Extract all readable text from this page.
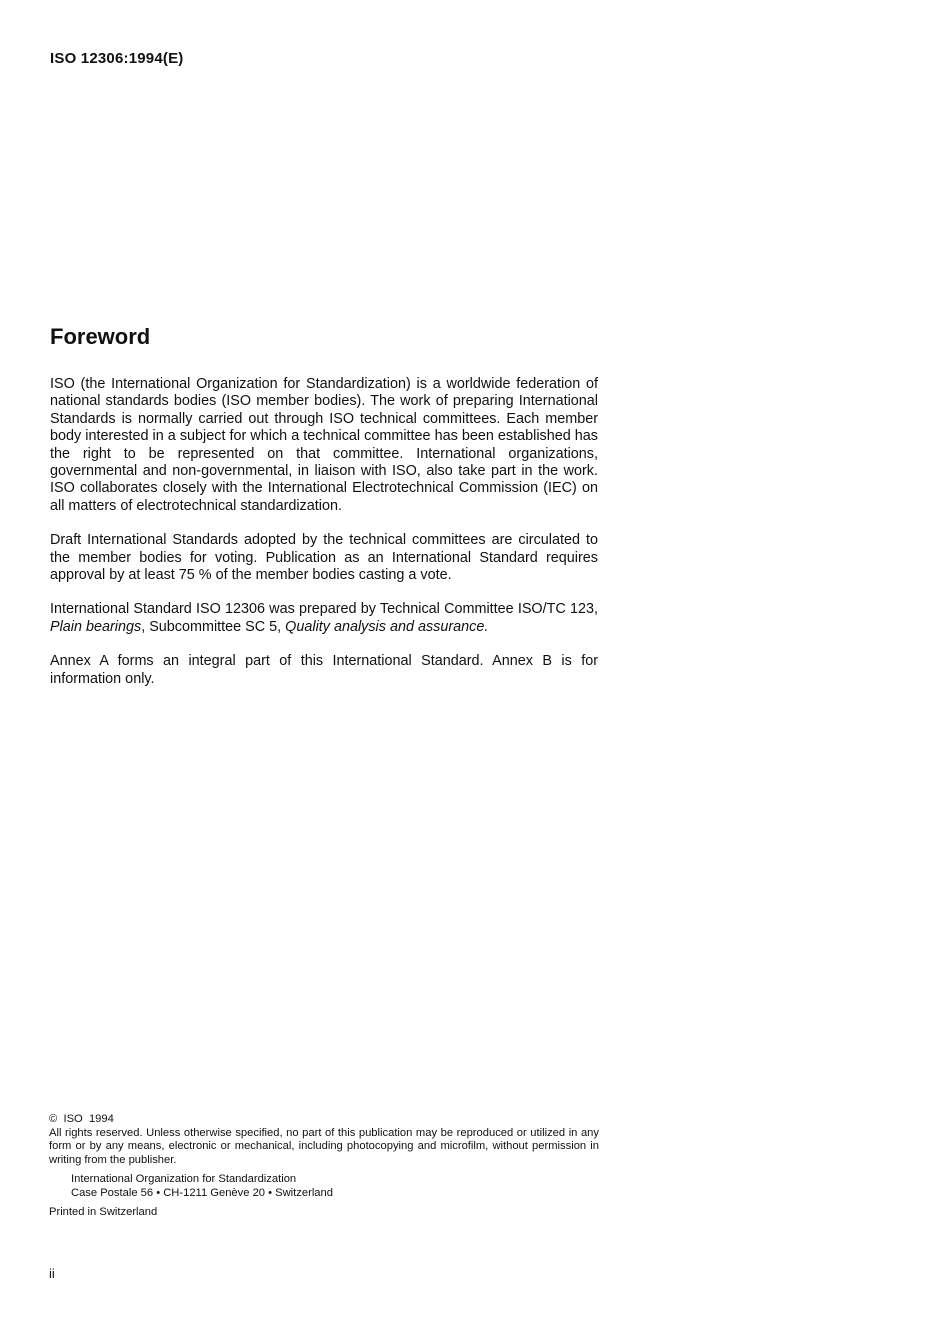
ISO 12306:1994(E)
Foreword

ISO (the International Organization for Standardization) is a worldwide federation of national standards bodies (ISO member bodies). The work of preparing International Standards is normally carried out through ISO technical committees. Each member body interested in a subject for which a technical committee has been established has the right to be represented on that committee. International organizations, governmental and non-governmental, in liaison with ISO, also take part in the work. ISO collaborates closely with the International Electrotechnical Commission (IEC) on all matters of electrotechnical standardization.

Draft International Standards adopted by the technical committees are circulated to the member bodies for voting. Publication as an International Standard requires approval by at least 75 % of the member bodies casting a vote.

International Standard ISO 12306 was prepared by Technical Committee ISO/TC 123, Plain bearings, Subcommittee SC 5, Quality analysis and assurance.

Annex A forms an integral part of this International Standard. Annex B is for information only.

©  ISO  1994

All rights reserved. Unless otherwise specified, no part of this publication may be reproduced or utilized in any form or by any means, electronic or mechanical, including photocopying and microfilm, without permission in writing from the publisher.

International Organization for Standardization
Case Postale 56 • CH-1211 Genève 20 • Switzerland
Printed in Switzerland
ii
